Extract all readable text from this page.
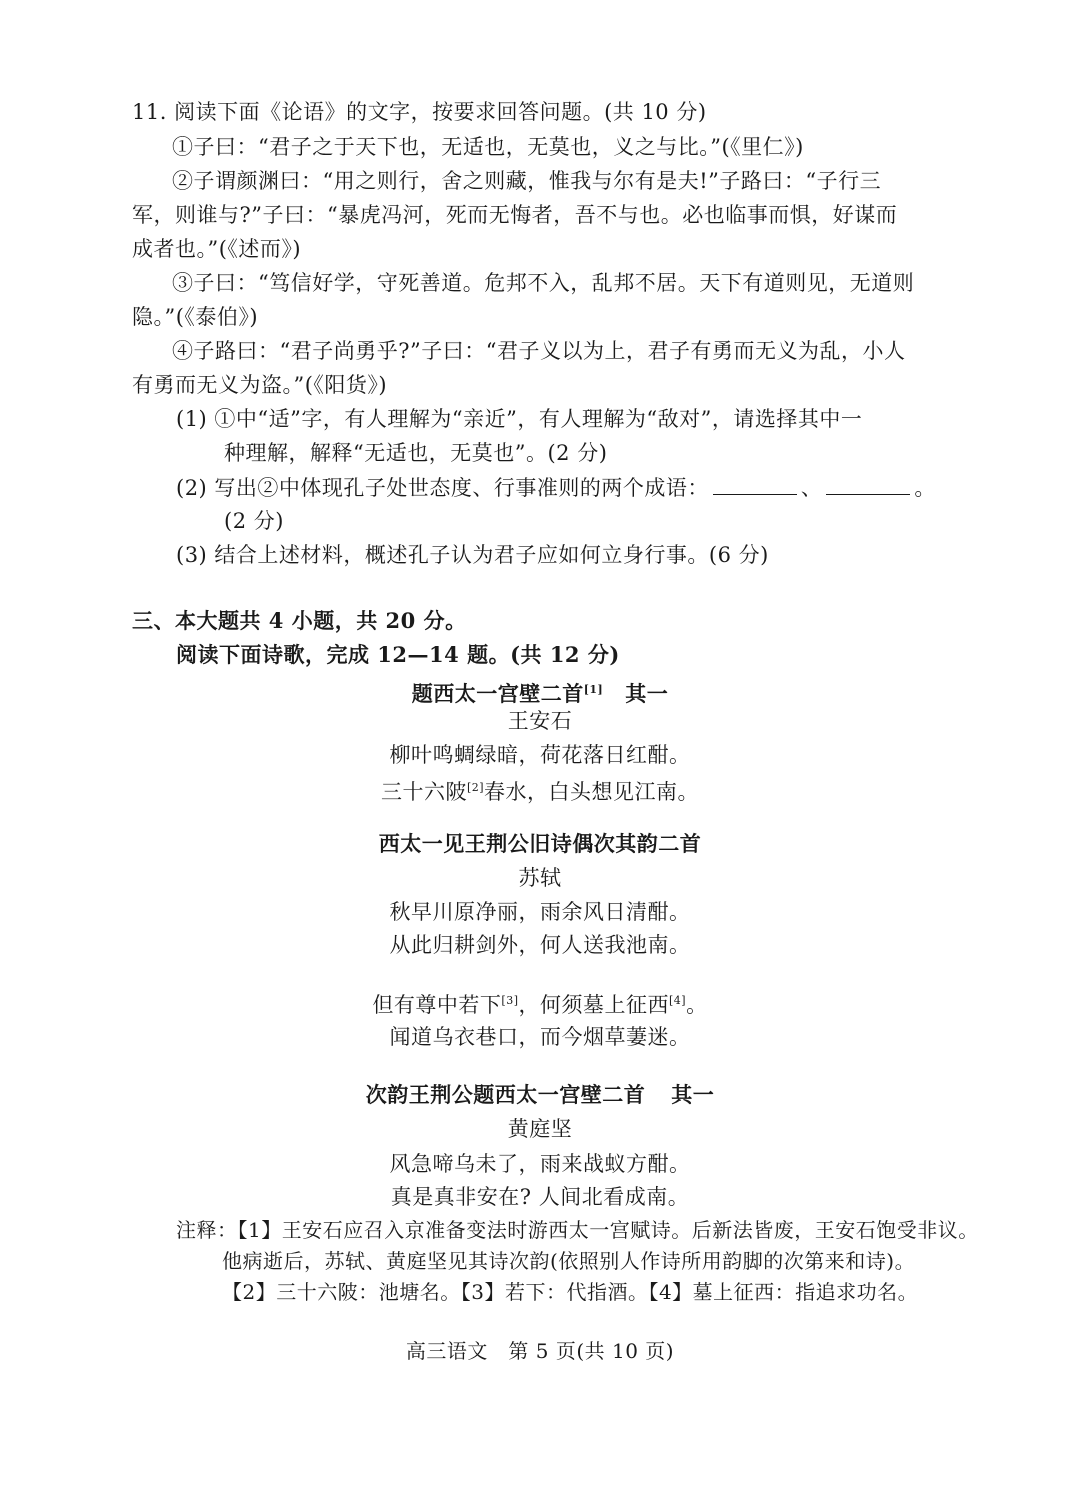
11. 阅读下面《论语》的文字，按要求回答问题。(共 10 分)
①子曰：“君子之于天下也，无适也，无莫也，义之与比。”(《里仁》)
②子谓颜渊曰：“用之则行，舍之则藏，惟我与尔有是夫!”子路曰：“子行三
军，则谁与?”子曰：“暴虎冯河，死而无悔者，吾不与也。必也临事而惧，好谋而
成者也。”(《述而》)
③子曰：“笃信好学，守死善道。危邦不入，乱邦不居。天下有道则见，无道则
隐。”(《泰伯》)
④子路曰：“君子尚勇乎?”子曰：“君子义以为上，君子有勇而无义为乱，小人
有勇而无义为盗。”(《阳货》)
(1) ①中“适”字，有人理解为“亲近”，有人理解为“敌对”，请选择其中一
种理解，解释“无适也，无莫也”。(2 分)
(2) 写出②中体现孔子处世态度、行事准则的两个成语：	、	。
(2 分)
(3) 结合上述材料，概述孔子认为君子应如何立身行事。(6 分)
三、本大题共 4 小题，共 20 分。
阅读下面诗歌，完成 12—14 题。(共 12 分)
题西太一宫壁二首[1] 其一
王安石
柳叶鸣蜩绿暗，荷花落日红酣。
三十六陂[2]春水，白头想见江南。
西太一见王荆公旧诗偶次其韵二首
苏轼
秋早川原净丽，雨余风日清酣。
从此归耕剑外，何人送我池南。
但有尊中若下[3]，何须墓上征西[4]。
闻道乌衣巷口，而今烟草萋迷。
次韵王荆公题西太一宫壁二首 其一
黄庭坚
风急啼乌未了，雨来战蚁方酣。
真是真非安在? 人间北看成南。
注释：【1】王安石应召入京准备变法时游西太一宫赋诗。后新法皆废，王安石饱受非议。
他病逝后，苏轼、黄庭坚见其诗次韵(依照别人作诗所用韵脚的次第来和诗)。
【2】三十六陂：池塘名。【3】若下：代指酒。【4】墓上征西：指追求功名。
高三语文　第 5 页(共 10 页)
